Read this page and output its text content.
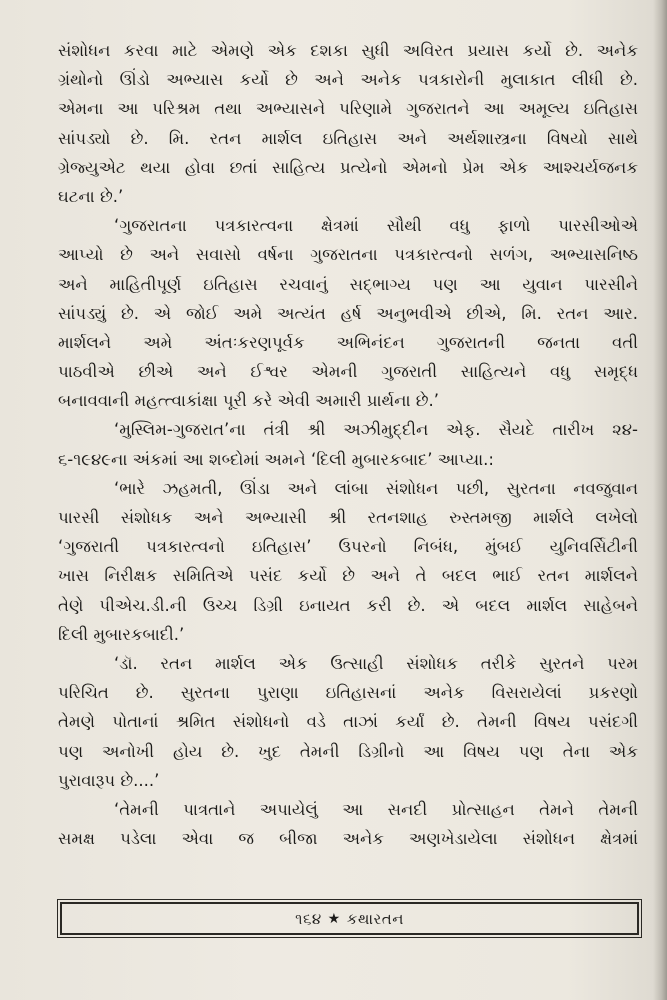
સંશોધન કરવા માટે એમણે એક દશકા સુધી અવિરત પ્રયાસ કર્યો છે. અનેક
ગ્રંથોનો ઊંડો અભ્યાસ કર્યો છે અને અનેક પત્રકારોની મુલાકાત લીધી છે.
એમના આ પરિશ્રમ તથા અભ્યાસને પરિણામે ગુજરાતને આ અમૂલ્ય ઇતિહાસ
સાંપડ્યો છે. મિ. રતન માર્શલ ઇતિહાસ અને અર્થશાસ્ત્રના વિષયો સાથે
ગ્રેજ્યુએટ થયા હોવા છતાં સાહિત્ય પ્રત્યેનો એમનો પ્રેમ એક આશ્ચર્યજનક
ઘટના છે.’
‘ગુજરાતના પત્રકારત્વના ક્ષેત્રમાં સૌથી વધુ ફાળો પારસીઓએ
આપ્યો છે અને સવાસો વર્ષના ગુજરાતના પત્રકારત્વનો સળંગ, અભ્યાસનિષ્ઠ
અને માહિતીપૂર્ણ ઇતિહાસ રચવાનું સદ્ભાગ્ય પણ આ યુવાન પારસીને
સાંપડ્યું છે. એ જોઈ અમે અત્યંત હર્ષ અનુભવીએ છીએ, મિ. રતન આર.
માર્શલને અમે અંતઃકરણપૂર્વક અભિનંદન ગુજરાતની જનતા વતી
પાઠવીએ છીએ અને ઈશ્વર એમની ગુજરાતી સાહિત્યને વધુ સમૃદ્ધ
બનાવવાની મહત્ત્વાકાંક્ષા પૂરી કરે એવી અમારી પ્રાર્થના છે.’
‘મુસ્લિમ-ગુજરાત’ના તંત્રી શ્રી અઝીમુદ્દીન એફ. સૈયદે તારીખ ૨૪-
૬-૧૯૪૯ના અંકમાં આ શબ્દોમાં અમને ‘દિલી મુબારકબાદ’ આપ્યા.:
‘ભારે ઝહમતી, ઊંડા અને લાંબા સંશોધન પછી, સુરતના નવજુવાન
પારસી સંશોધક અને અભ્યાસી શ્રી રતનશાહ રુસ્તમજી માર્શલે લખેલો
‘ગુજરાતી પત્રકારત્વનો ઇતિહાસ’ ઉપરનો નિબંધ, મુંબઈ યુનિવર્સિટીની
ખાસ નિરીક્ષક સમિતિએ પસંદ કર્યો છે અને તે બદલ ભાઈ રતન માર્શલને
તેણે પીએચ.ડી.ની ઉચ્ચ ડિગ્રી ઇનાયત કરી છે. એ બદલ માર્શલ સાહેબને
દિલી મુબારકબાદી.’
‘ડૉ. રતન માર્શલ એક ઉત્સાહી સંશોધક તરીકે સુરતને પરમ
પરિચિત છે. સુરતના પુરાણા ઇતિહાસનાં અનેક વિસરાયેલાં પ્રકરણો
તેમણે પોતાનાં શ્રમિત સંશોધનો વડે તાઝાં કર્યાં છે. તેમની વિષય પસંદગી
પણ અનોખી હોય છે. ખુદ તેમની ડિગ્રીનો આ વિષય પણ તેના એક
પુરાવારૂપ છે....’
‘તેમની પાત્રતાને અપાયેલું આ સનદી પ્રોત્સાહન તેમને તેમની
સમક્ષ પડેલા એવા જ બીજા અનેક અણખેડાયેલા સંશોધન ક્ષેત્રમાં
૧૬૪ ★ કથારતન
